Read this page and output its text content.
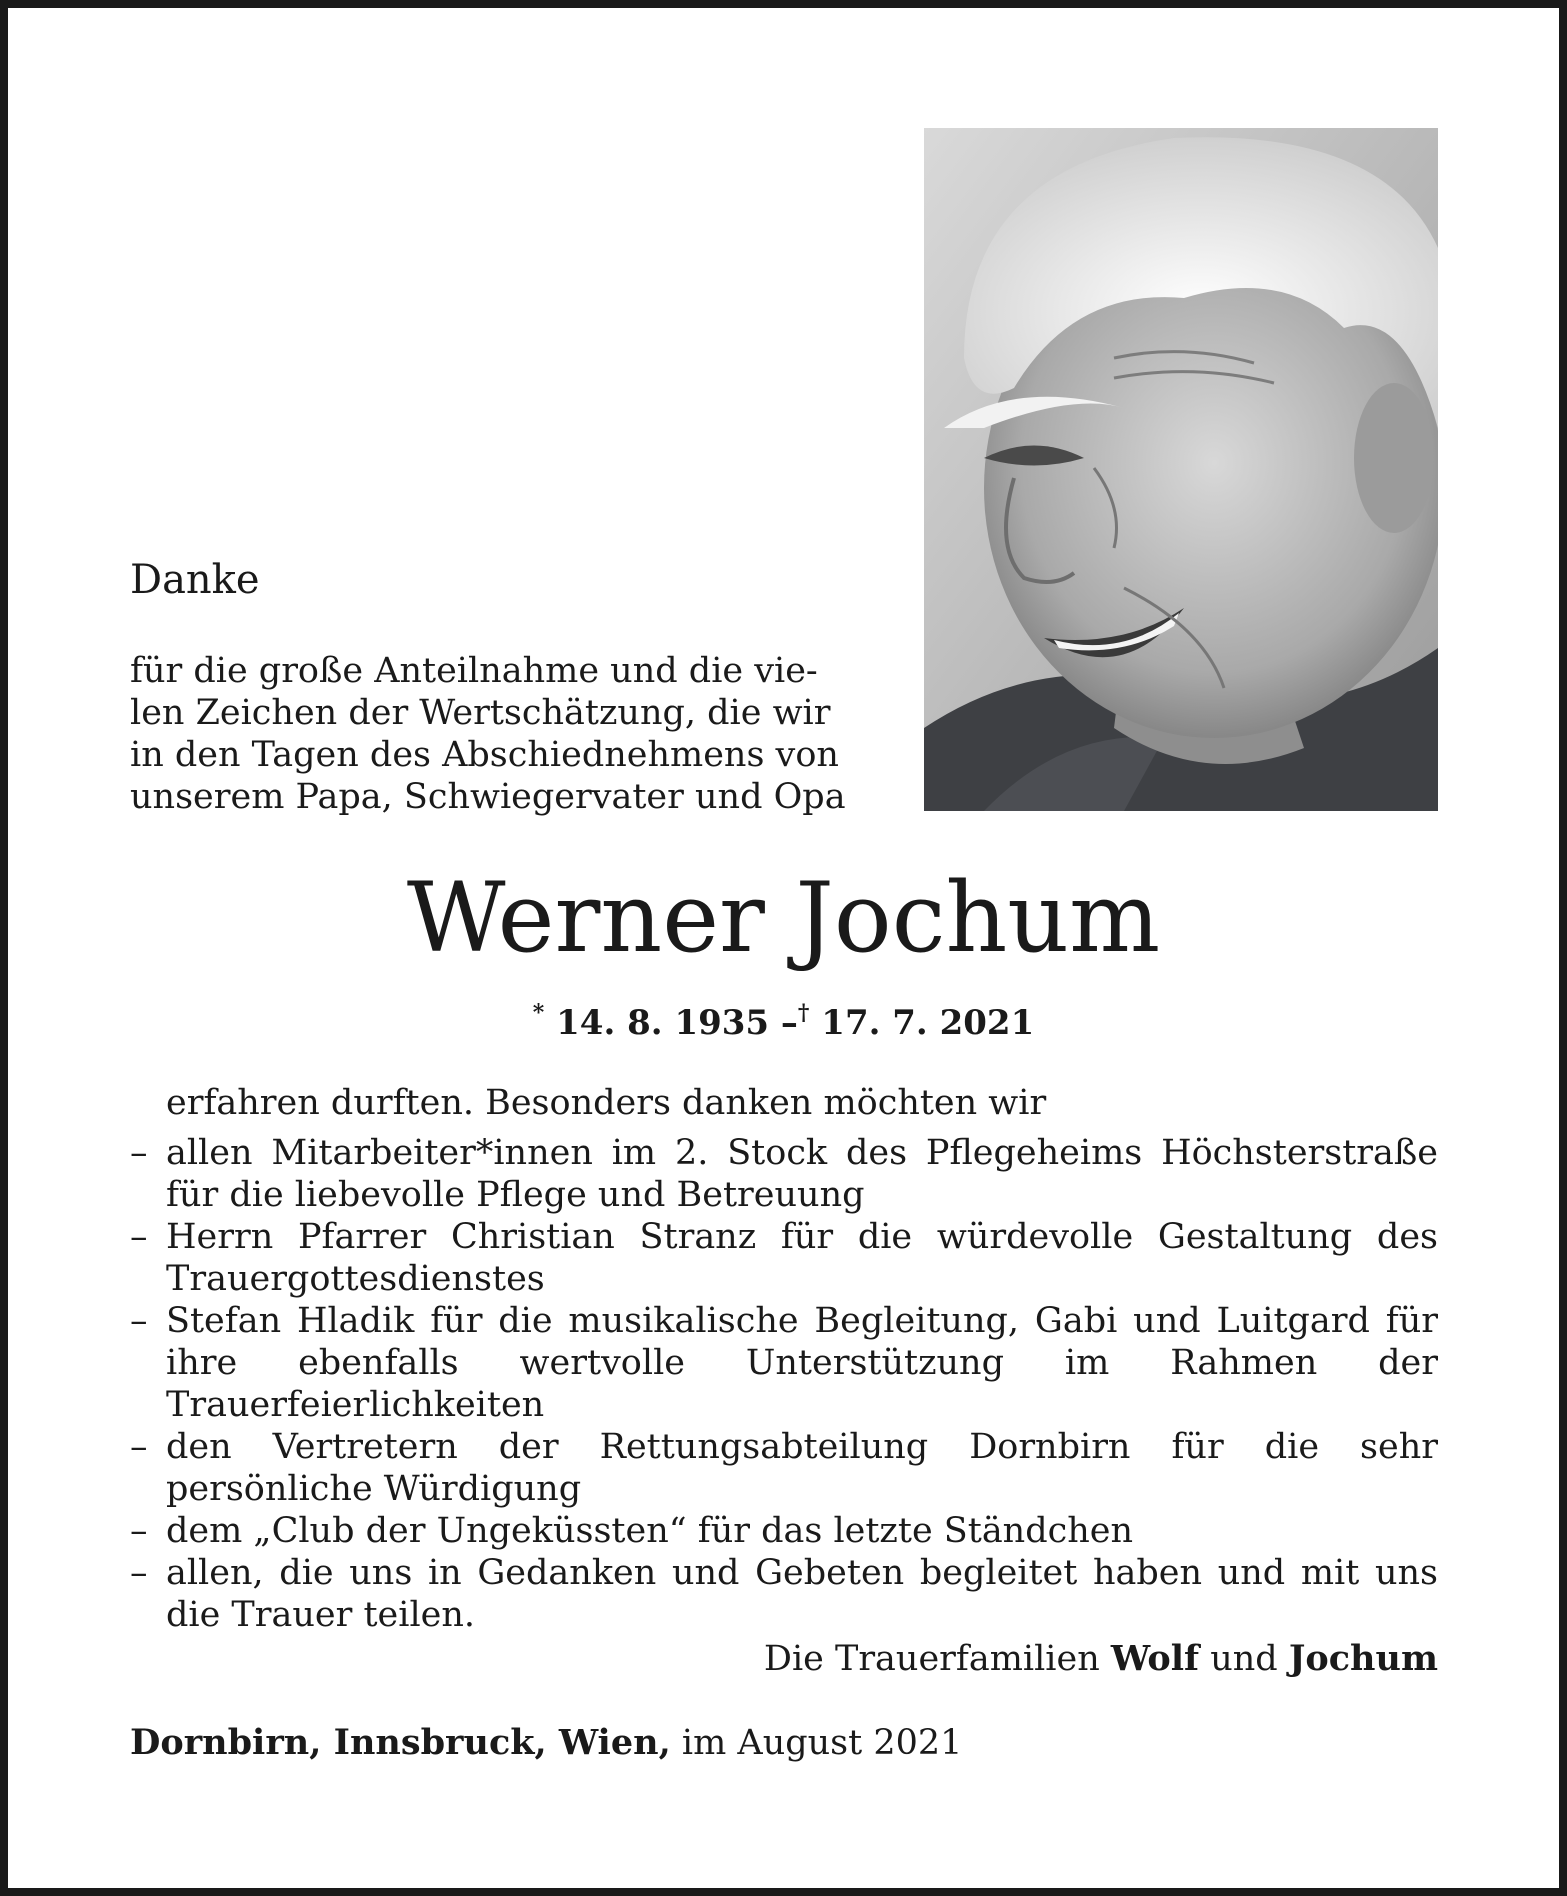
Danke
für die große Anteilnahme und die vie-
len Zeichen der Wertschätzung, die wir
in den Tagen des Abschiednehmens von
unserem Papa, Schwiegervater und Opa
Werner Jochum
* 14. 8. 1935 –† 17. 7. 2021
erfahren durften. Besonders danken möchten wir
– allen Mitarbeiter*innen im 2. Stock des Pflegeheims Höchsterstraße für die liebevolle Pflege und Betreuung
– Herrn Pfarrer Christian Stranz für die würdevolle Gestaltung des Trauergottesdienstes
– Stefan Hladik für die musikalische Begleitung, Gabi und Luitgard für ihre ebenfalls wertvolle Unterstützung im Rahmen der Trauerfeierlichkeiten
– den Vertretern der Rettungsabteilung Dornbirn für die sehr persönliche Würdigung
– dem „Club der Ungeküssten“ für das letzte Ständchen
– allen, die uns in Gedanken und Gebeten begleitet haben und mit uns die Trauer teilen.
Die Trauerfamilien Wolf und Jochum
Dornbirn, Innsbruck, Wien, im August 2021
